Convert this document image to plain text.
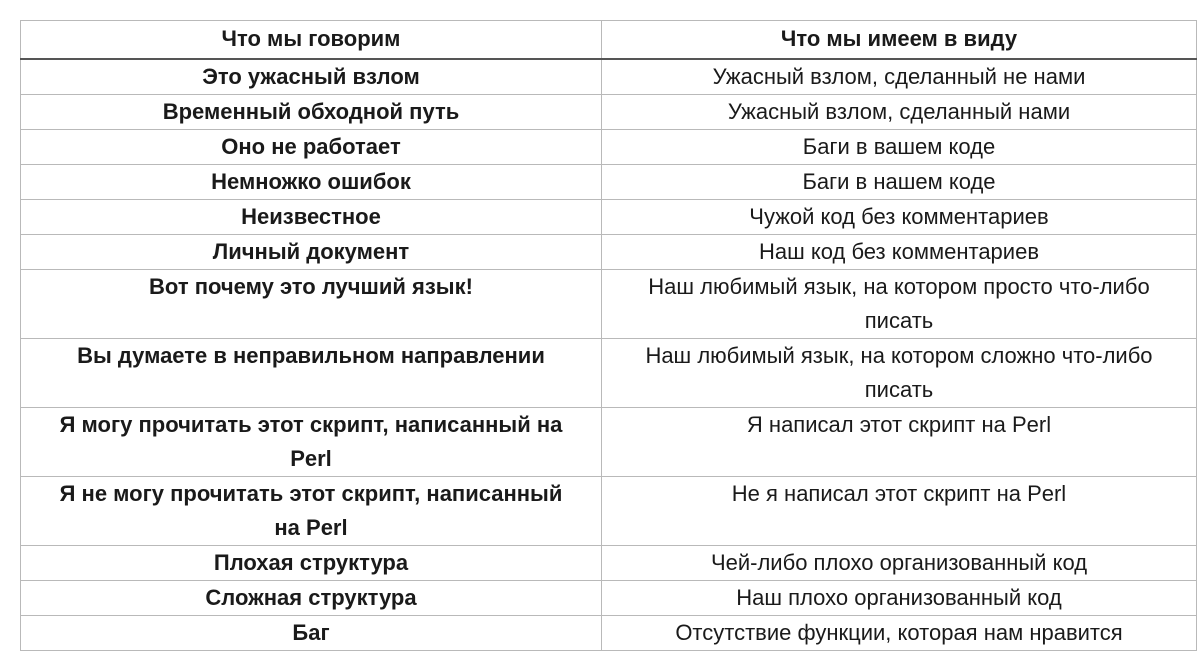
Что мы говорим	Что мы имеем в виду
Это ужасный взлом	Ужасный взлом, сделанный не нами
Временный обходной путь	Ужасный взлом, сделанный нами
Оно не работает	Баги в вашем коде
Немножко ошибок	Баги в нашем коде
Неизвестное	Чужой код без комментариев
Личный документ	Наш код без комментариев
Вот почему это лучший язык!	Наш любимый язык, на котором просто что-либо писать
Вы думаете в неправильном направлении	Наш любимый язык, на котором сложно что-либо писать
Я могу прочитать этот скрипт, написанный на Perl	Я написал этот скрипт на Perl
Я не могу прочитать этот скрипт, написанный на Perl	Не я написал этот скрипт на Perl
Плохая структура	Чей-либо плохо организованный код
Сложная структура	Наш плохо организованный код
Баг	Отсутствие функции, которая нам нравится
